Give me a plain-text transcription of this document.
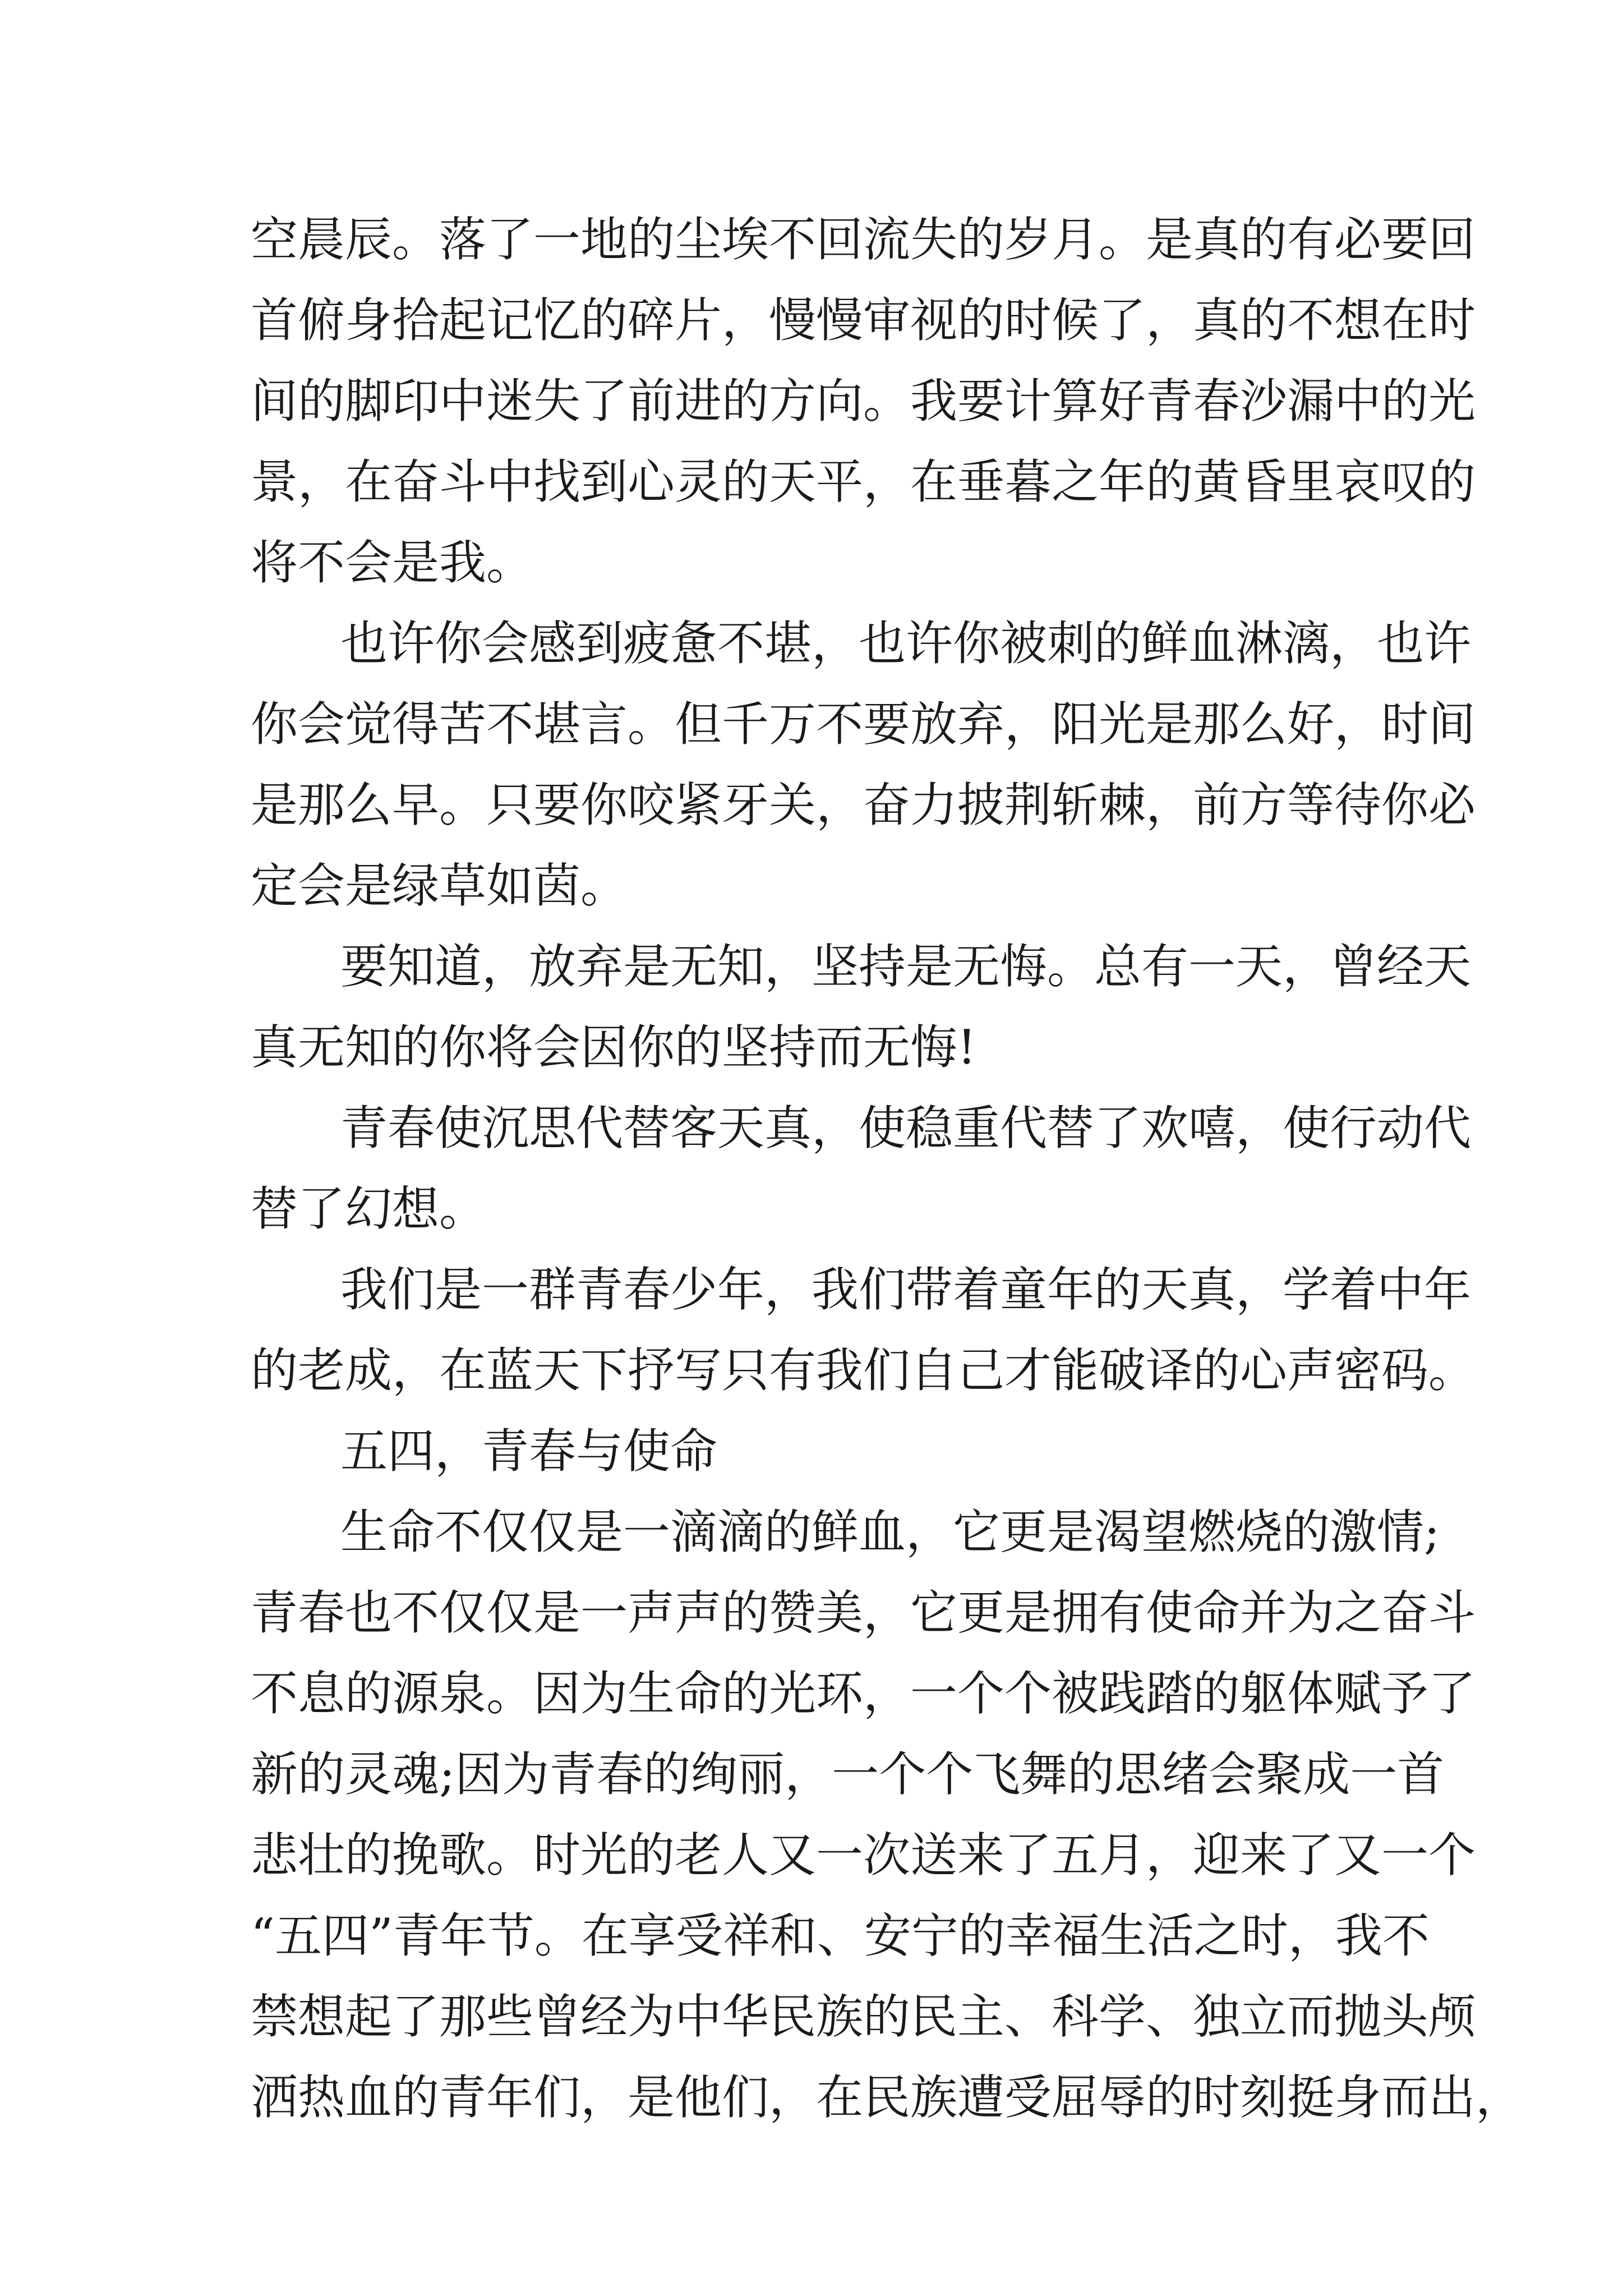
空晨辰。落了一地的尘埃不回流失的岁月。是真的有必要回
首俯身拾起记忆的碎片，慢慢审视的时候了，真的不想在时
间的脚印中迷失了前进的方向。我要计算好青春沙漏中的光
景，在奋斗中找到心灵的天平，在垂暮之年的黄昏里哀叹的
将不会是我。
也许你会感到疲惫不堪，也许你被刺的鲜血淋漓，也许
你会觉得苦不堪言。但千万不要放弃，阳光是那么好，时间
是那么早。只要你咬紧牙关，奋力披荆斩棘，前方等待你必
定会是绿草如茵。
要知道，放弃是无知，坚持是无悔。总有一天，曾经天
真无知的你将会因你的坚持而无悔!
青春使沉思代替客天真，使稳重代替了欢嘻，使行动代
替了幻想。
我们是一群青春少年，我们带着童年的天真，学着中年
的老成，在蓝天下抒写只有我们自己才能破译的心声密码。
五四，青春与使命
生命不仅仅是一滴滴的鲜血，它更是渴望燃烧的激情;
青春也不仅仅是一声声的赞美，它更是拥有使命并为之奋斗
不息的源泉。因为生命的光环，一个个被践踏的躯体赋予了
新的灵魂;因为青春的绚丽，一个个飞舞的思绪会聚成一首
悲壮的挽歌。时光的老人又一次送来了五月，迎来了又一个
“五四”青年节。在享受祥和、安宁的幸福生活之时，我不
禁想起了那些曾经为中华民族的民主、科学、独立而抛头颅
洒热血的青年们，是他们，在民族遭受屈辱的时刻挺身而出，
